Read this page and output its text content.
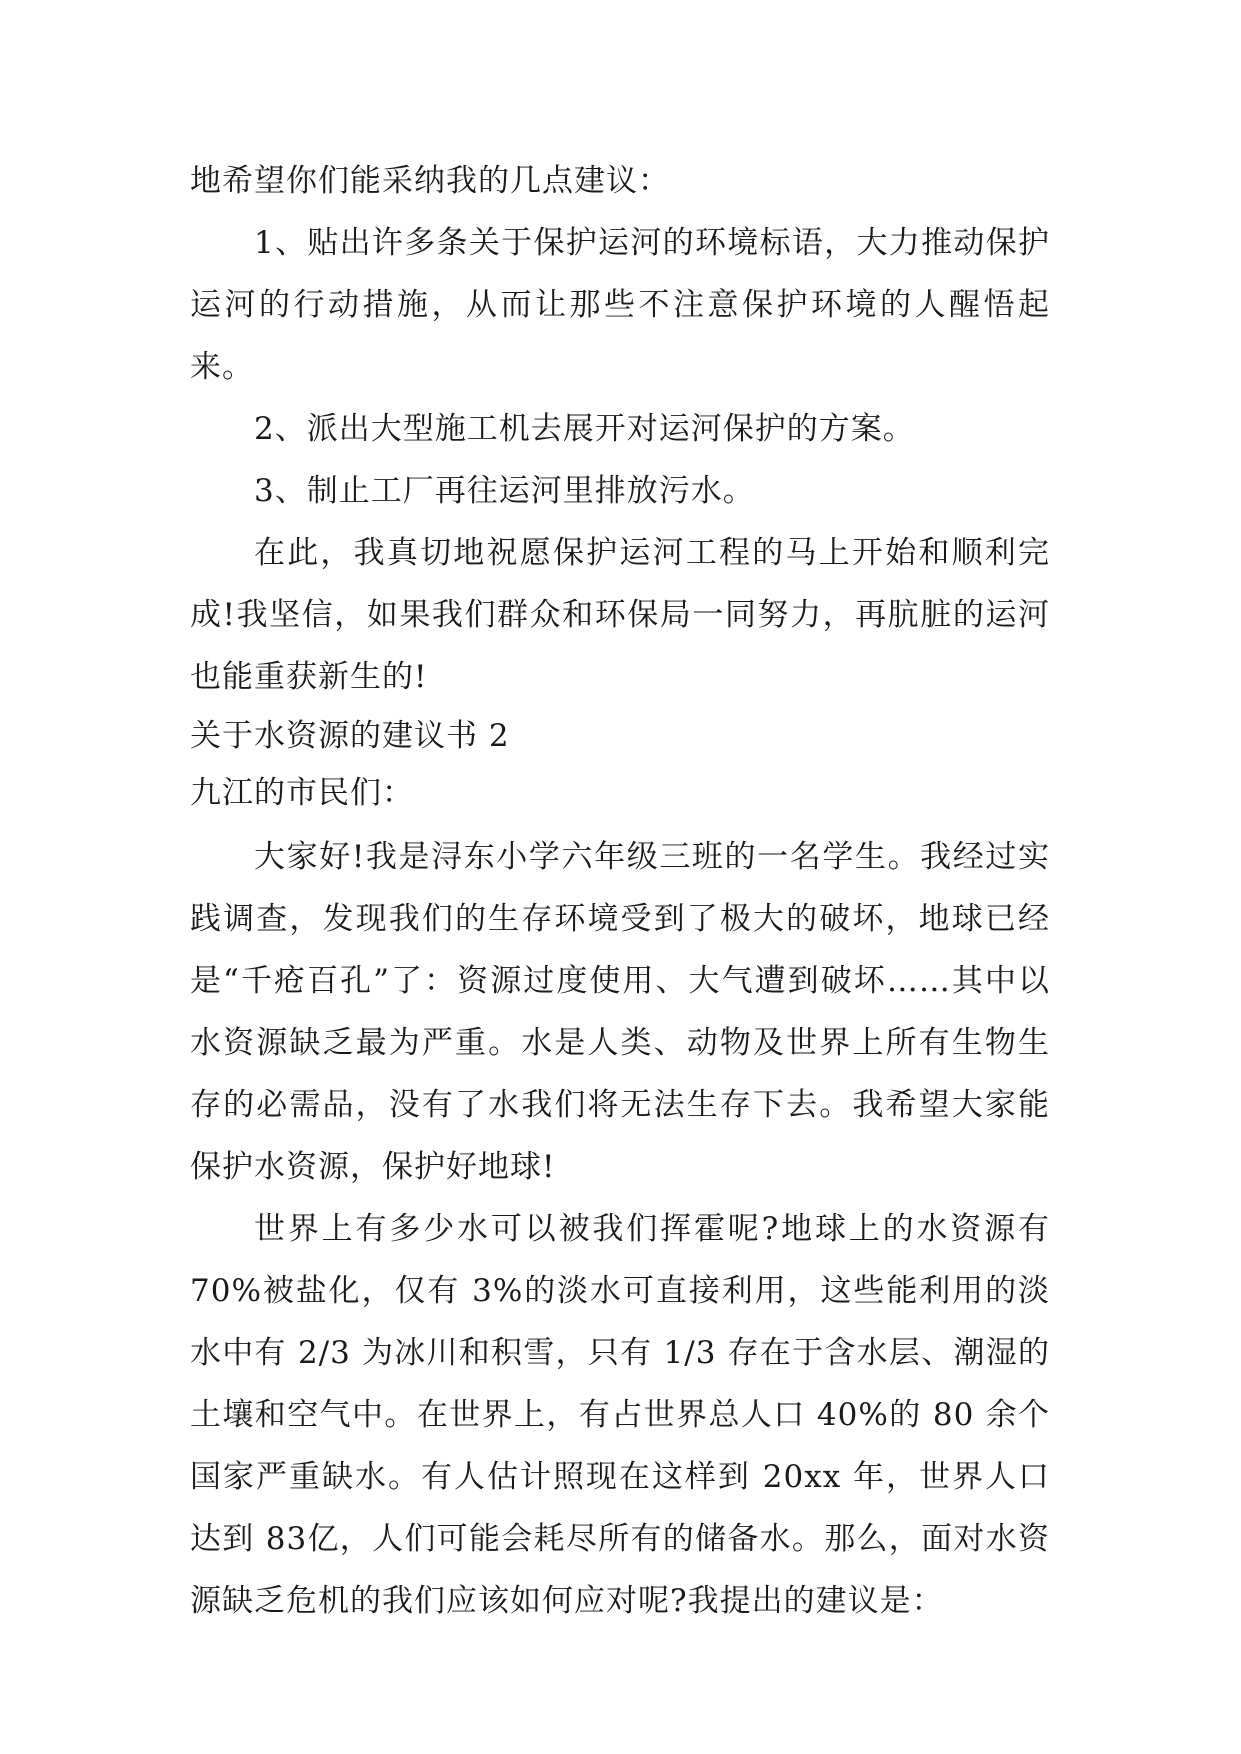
地希望你们能采纳我的几点建议：

1、贴出许多条关于保护运河的环境标语，大力推动保护运河的行动措施，从而让那些不注意保护环境的人醒悟起来。

2、派出大型施工机去展开对运河保护的方案。

3、制止工厂再往运河里排放污水。

在此，我真切地祝愿保护运河工程的马上开始和顺利完成!我坚信，如果我们群众和环保局一同努力，再肮脏的运河也能重获新生的!

关于水资源的建议书 2

九江的市民们：

大家好!我是浔东小学六年级三班的一名学生。我经过实践调查，发现我们的生存环境受到了极大的破坏，地球已经是“千疮百孔”了：资源过度使用、大气遭到破坏……其中以水资源缺乏最为严重。水是人类、动物及世界上所有生物生存的必需品，没有了水我们将无法生存下去。我希望大家能保护水资源，保护好地球!

世界上有多少水可以被我们挥霍呢?地球上的水资源有70%被盐化，仅有 3%的淡水可直接利用，这些能利用的淡水中有 2/3 为冰川和积雪，只有 1/3 存在于含水层、潮湿的土壤和空气中。在世界上，有占世界总人口 40%的 80 余个国家严重缺水。有人估计照现在这样到 20xx 年，世界人口达到 83亿，人们可能会耗尽所有的储备水。那么，面对水资源缺乏危机的我们应该如何应对呢?我提出的建议是：
